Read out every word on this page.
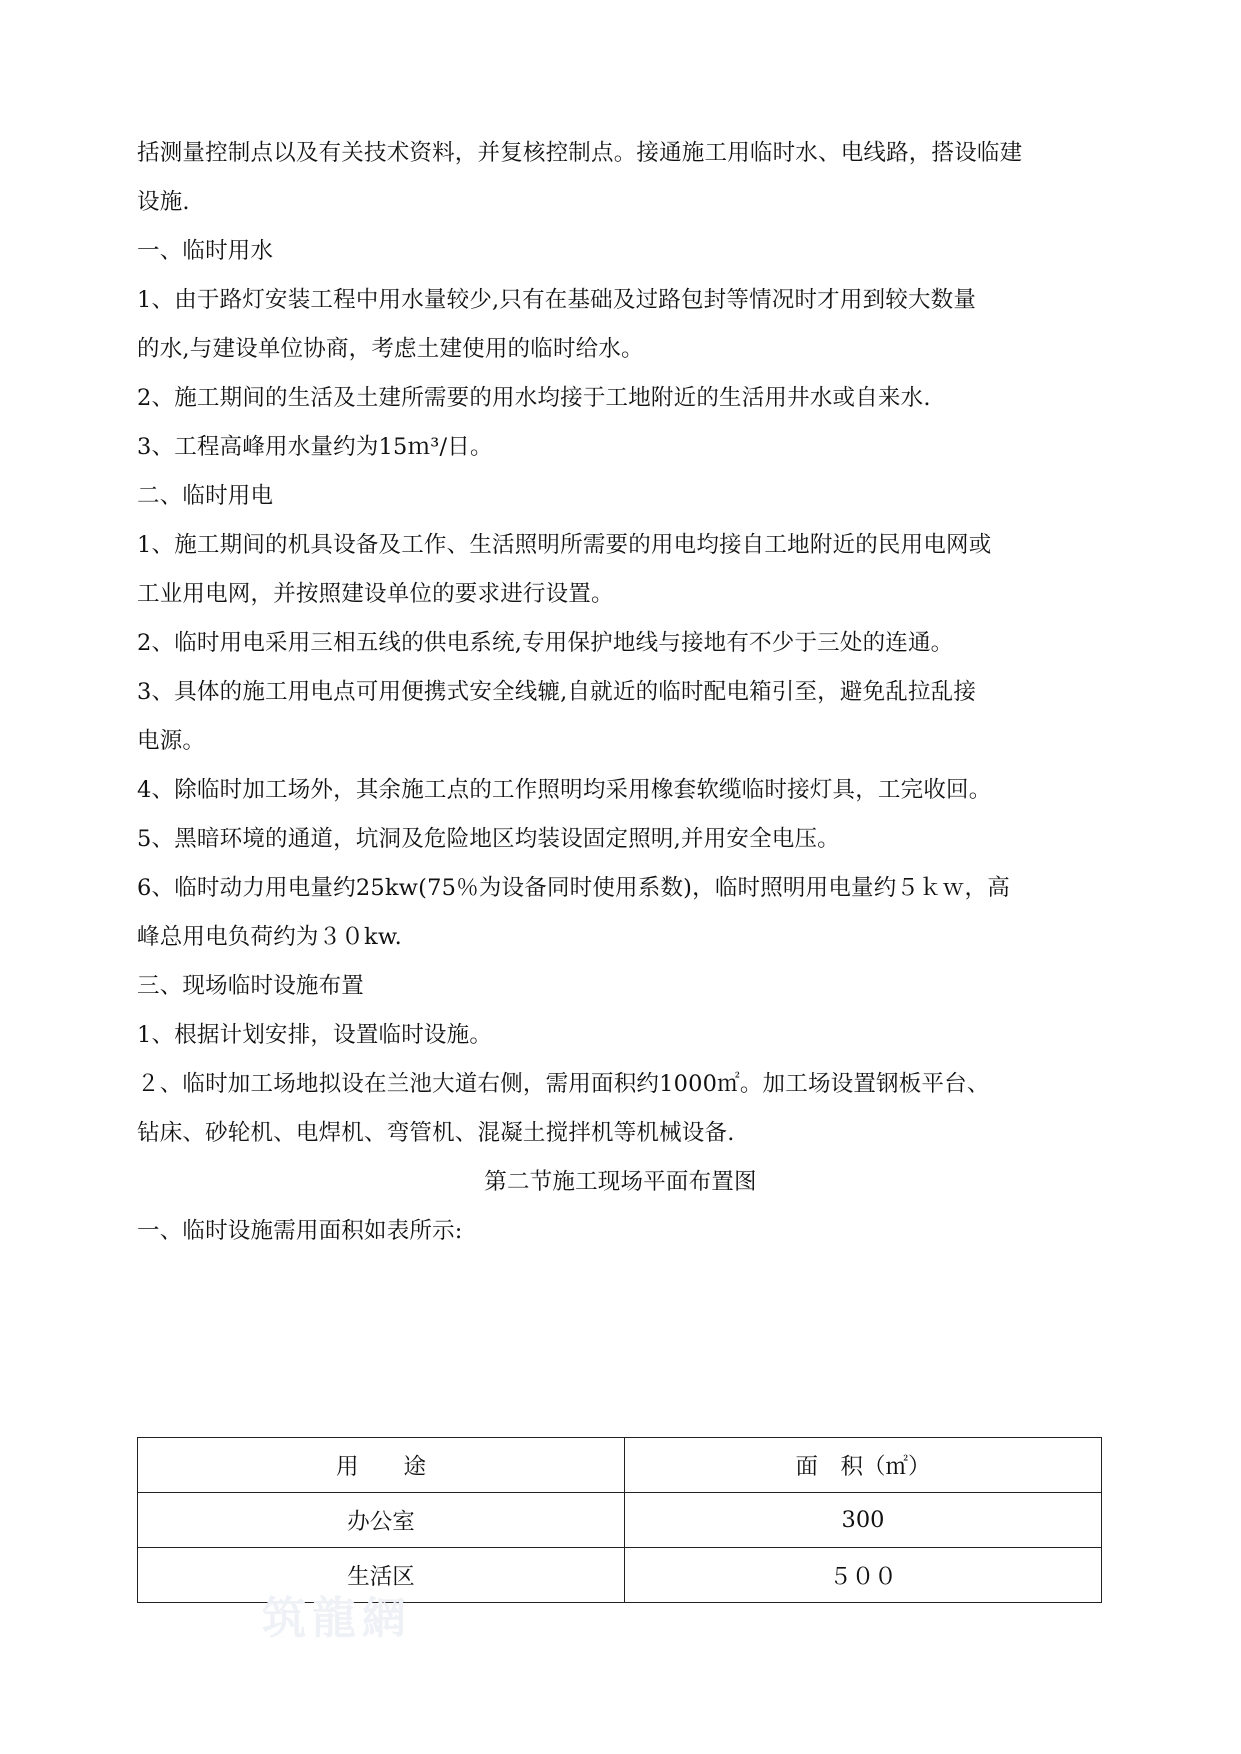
括测量控制点以及有关技术资料，并复核控制点。接通施工用临时水、电线路，搭设临建
设施.
一、临时用水
1、由于路灯安装工程中用水量较少,只有在基础及过路包封等情况时才用到较大数量
的水,与建设单位协商，考虑土建使用的临时给水。
2、施工期间的生活及土建所需要的用水均接于工地附近的生活用井水或自来水.
3、工程高峰用水量约为15ｍ³/日。
二、临时用电
1、施工期间的机具设备及工作、生活照明所需要的用电均接自工地附近的民用电网或
工业用电网，并按照建设单位的要求进行设置。
2、临时用电采用三相五线的供电系统,专用保护地线与接地有不少于三处的连通。
3、具体的施工用电点可用便携式安全线辘,自就近的临时配电箱引至，避免乱拉乱接
电源。
4、除临时加工场外，其余施工点的工作照明均采用橡套软缆临时接灯具，工完收回。
5、黑暗环境的通道，坑洞及危险地区均装设固定照明,并用安全电压。
6、临时动力用电量约25kw(75％为设备同时使用系数)，临时照明用电量约５ｋｗ，高
峰总用电负荷约为３０kw.
三、现场临时设施布置
1、根据计划安排，设置临时设施。
２、临时加工场地拟设在兰池大道右侧，需用面积约1000㎡。加工场设置钢板平台、
钻床、砂轮机、电焊机、弯管机、混凝土搅拌机等机械设备.
第二节施工现场平面布置图
一、临时设施需用面积如表所示:
用　　途	面　积（㎡）
办公室	300
生活区	５００
筑龍網
